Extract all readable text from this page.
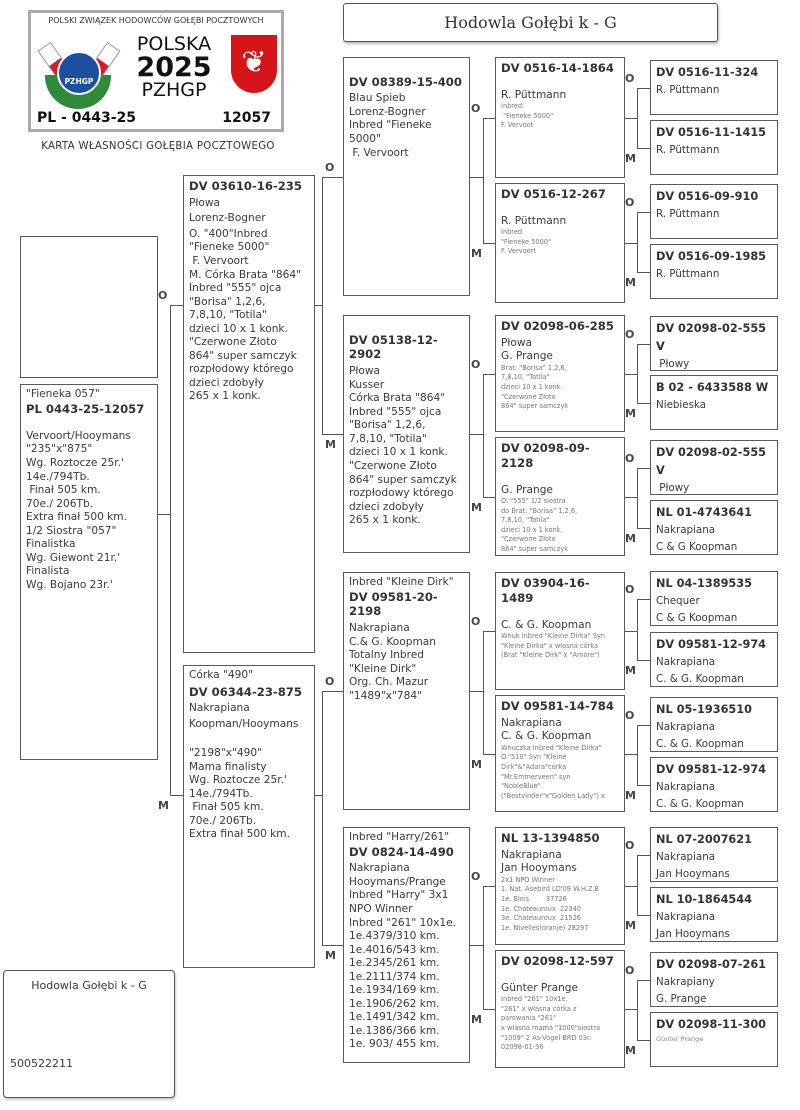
Hodowla Gołębi k - G
POLSKI ZWIĄZEK HODOWCÓW GOŁĘBI POCZTOWYCH
PZHGP
POLSKA
2025
PZHGP
❦
PL - 0443-25	12057
KARTA WŁASNOŚCI GOŁĘBIA POCZTOWEGO

"Fieneka 057"

PL 0443-25-12057

Vervoort/Hooymans

"235"x"875"

Wg. Roztocze 25r.'

14e./794Tb.

Finał 505 km.

70e./ 206Tb.

Extra finał 500 km.

1/2 Siostra "057"

Finalistka

Wg. Giewont 21r.'

Finalista

Wg. Bojano 23r.'

DV 03610-16-235

Płowa

Lorenz-Bogner

O. "400"Inbred

"Fieneke 5000"

F. Vervoort

M. Córka Brata "864"

Inbred "555" ojca

"Borisa" 1,2,6,

7,8,10, "Totila"

dzieci 10 x 1 konk.

"Czerwone Złoto

864" super samczyk

rozpłodowy którego

dzieci zdobyły

265 x 1 konk.

Córka "490"

DV 06344-23-875

Nakrapiana

Koopman/Hooymans

"2198"x"490"

Mama finalisty

Wg. Roztocze 25r.'

14e./794Tb.

Finał 505 km.

70e./ 206Tb.

Extra finał 500 km.

DV 08389-15-400

Blau Spieb

Lorenz-Bogner

Inbred "Fieneke 5000"

F. Vervoort

DV 05138-12-2902

Płowa

Kusser

Córka Brata "864"

Inbred "555" ojca

"Borisa" 1,2,6,

7,8,10, "Totila"

dzieci 10 x 1 konk.

"Czerwone Złoto

864" super samczyk

rozpłodowy którego

dzieci zdobyły

265 x 1 konk.

Inbred "Kleine Dirk"

DV 09581-20-2198

Nakrapiana

C.& G. Koopman

Totalny Inbred "Kleine Dirk"

Org. Ch. Mazur

"1489"x"784"

Inbred "Harry/261"

DV 0824-14-490

Nakrapiana

Hooymans/Prange

Inbred "Harry" 3x1

NPO Winner

Inbred "261" 10x1e.

1e.4379/310 km.

1e.4016/543 km.

1e.2345/261 km.

1e.2111/374 km.

1e.1934/169 km.

1e.1906/262 km.

1e.1491/342 km.

1e.1386/366 km.

1e. 903/ 455 km.

DV 0516-14-1864

R. Püttmann

Inbred:

"Fieneke 5000"

F. Vervoot

DV 0516-12-267

R. Püttmann

Inbred

"Fieneke 5000"

F. Vervoort

DV 02098-06-285

Płowa

G. Prange

Brat: "Borisa" 1,2,6,

7,8,10, "Totila"

dzieci 10 x 1 konk.

"Czerwone Złoto

864" super samczyk

DV 02098-09-2128

G. Prange

O. "555" 1/2 siostra

do Brat: "Borisa" 1,2,6,

7,8,10, "Totila"

dzieci 10 x 1 konk.

"Czerwone Złoto

864" super samczyk

DV 03904-16-1489

C. & G. Koopman

Wnuk inbred "Kleine Dirka" Syn

"Kleine Dirka" x własna córka

(Brat "Kleine Dirk" x "Amore")

DV 09581-14-784

Nakrapiana

C. & G. Koopman

Wnuczka inbred "Kleine Dirka"

O."510" Syn "Kleine

Dirk"&"Adara"córka

"Mr.Emmerveen" syn

"NobleBlue"

("Bestvinder"x"Golden Lady") x

NL 13-1394850

Nakrapiana

Jan Hooymans

2x1 NPO Winner

1. Nat. Asebird LD'09 W.H.Z.B

1e. Blois        37726

1e. Chateauroux  22340

3e. Chateauroux  21526

1e. Nivelles(oranje) 28297

DV 02098-12-597

Günter Prange

Inbred "261" 10x1e.

"261" x własna córka z

parowania "261"

x własna mama "1000"siostra

"1009" 2 As-Vogel BRD 03r.

02098-01-36

DV 0516-11-324

R. Püttmann

DV 0516-11-1415

R. Püttmann

DV 0516-09-910

R. Püttmann

DV 0516-09-1985

R. Püttmann

DV 02098-02-555 V

Płowy

B 02 - 6433588 W

Niebieska

DV 02098-02-555 V

Płowy

NL 01-4743641

Nakrapiana

C & G Koopman

NL 04-1389535

Chequer

C & G Koopman

DV 09581-12-974

Nakrapiana

C. & G. Koopman

NL 05-1936510

Nakrapiana

C. & G. Koopman

DV 09581-12-974

Nakrapiana

C. & G. Koopman

NL 07-2007621

Nakrapiana

Jan Hooymans

NL 10-1864544

Nakrapiana

Jan Hooymans

DV 02098-07-261

Nakrapiany

G. Prange

DV 02098-11-300

Günter Prange

O
M
O
M
O
M
O
M
O
M
O
M
O
M
O
M
O
M
O
M
O
M
O
M
O
M
O
M
O
M
Hodowla Gołębi k - G
500522211
